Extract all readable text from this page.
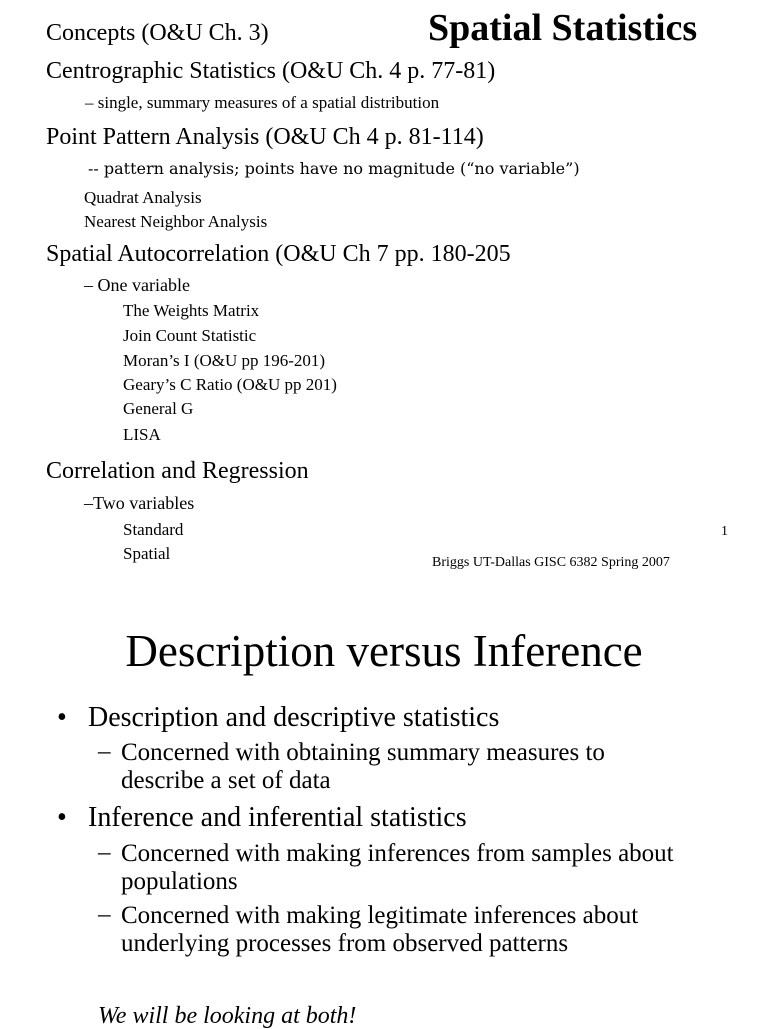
Spatial Statistics
Concepts (O&U Ch. 3)
Centrographic Statistics (O&U Ch. 4 p. 77-81)
– single, summary measures of a spatial distribution
Point Pattern Analysis (O&U Ch 4 p. 81-114)
-- pattern analysis; points have no magnitude (“no variable”)
Quadrat Analysis
Nearest Neighbor Analysis
Spatial Autocorrelation (O&U Ch 7 pp. 180-205
– One variable
The Weights Matrix
Join Count Statistic
Moran’s I (O&U pp 196-201)
Geary’s C Ratio (O&U pp 201)
General G
LISA
Correlation and Regression
–Two variables
Standard
Spatial
1
Briggs UT-Dallas GISC 6382 Spring 2007
Description versus Inference
• Description and descriptive statistics
– Concerned with obtaining summary measures to describe a set of data
• Inference and inferential statistics
– Concerned with making inferences from samples about populations
– Concerned with making legitimate inferences about underlying processes from observed patterns
We will be looking at both!
